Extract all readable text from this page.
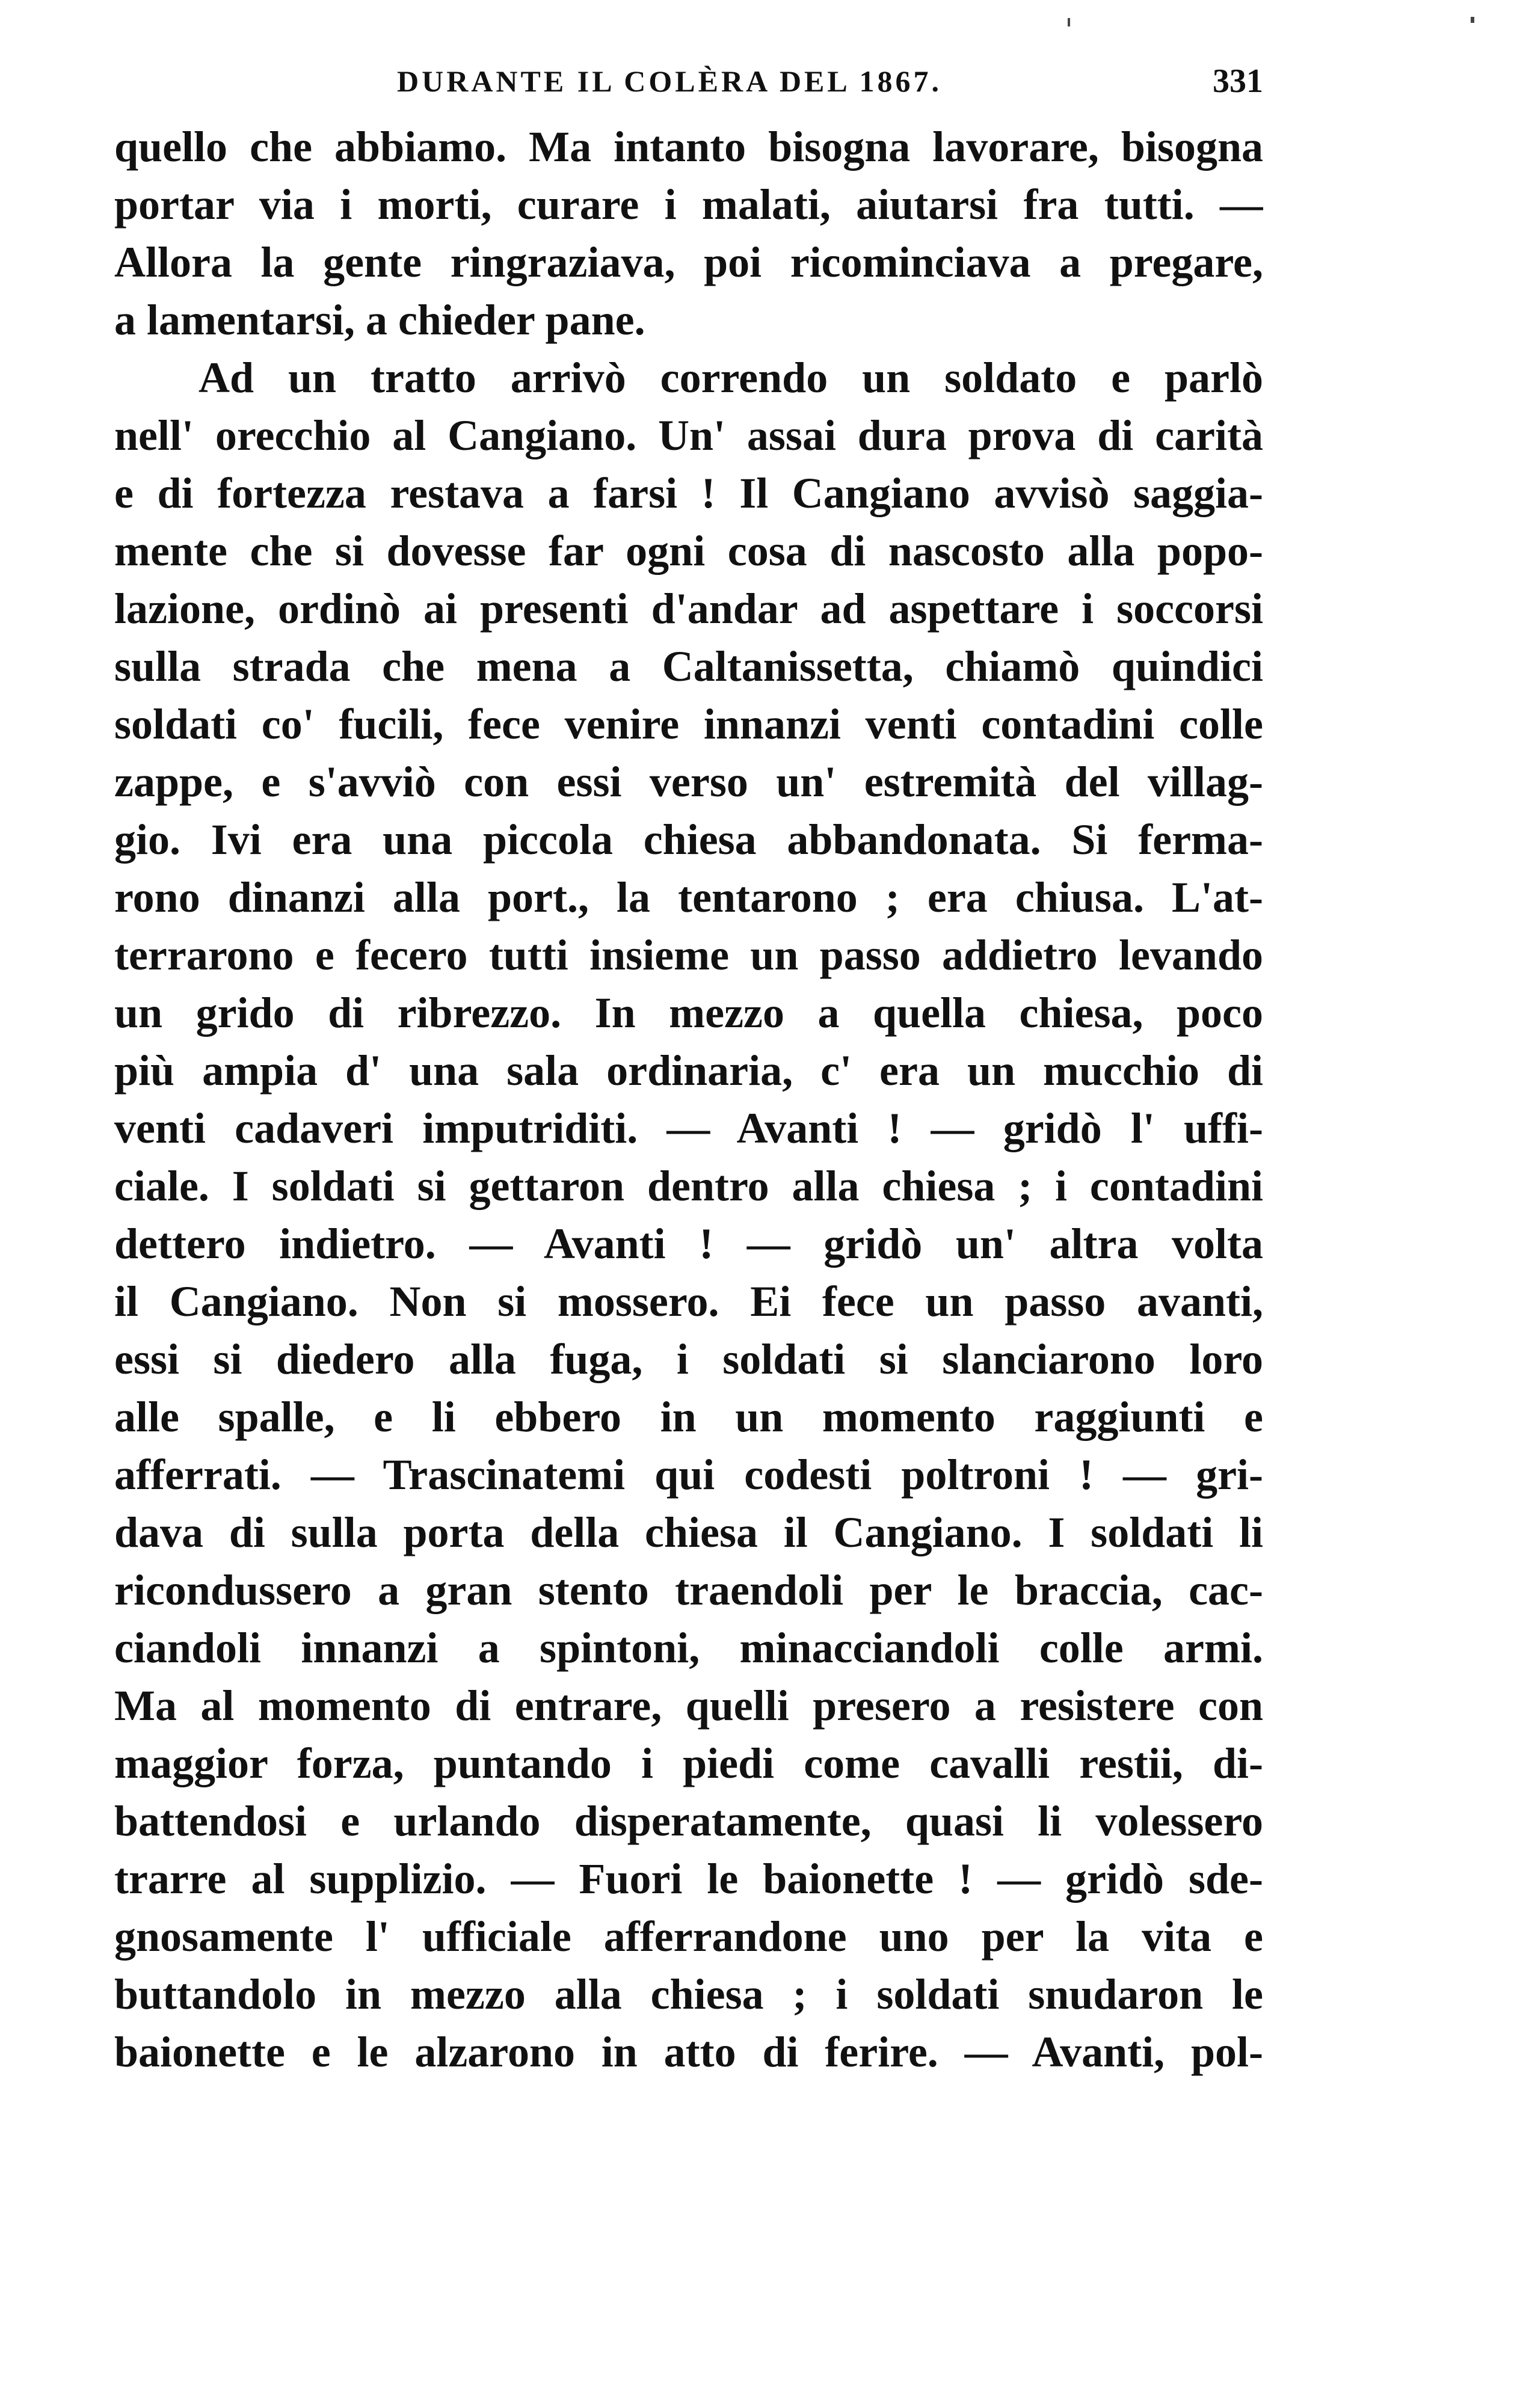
DURANTE IL COLÈRA DEL 1867.	331
quello che abbiamo. Ma intanto bisogna lavorare, bisogna
portar via i morti, curare i malati, aiutarsi fra tutti. —
Allora la gente ringraziava, poi ricominciava a pregare,
a lamentarsi, a chieder pane.
Ad un tratto arrivò correndo un soldato e parlò
nell' orecchio al Cangiano. Un' assai dura prova di carità
e di fortezza restava a farsi ! Il Cangiano avvisò saggia-
mente che si dovesse far ogni cosa di nascosto alla popo-
lazione, ordinò ai presenti d'andar ad aspettare i soccorsi
sulla strada che mena a Caltanissetta, chiamò quindici
soldati co' fucili, fece venire innanzi venti contadini colle
zappe, e s'avviò con essi verso un' estremità del villag-
gio. Ivi era una piccola chiesa abbandonata. Si ferma-
rono dinanzi alla port., la tentarono ; era chiusa. L'at-
terrarono e fecero tutti insieme un passo addietro levando
un grido di ribrezzo. In mezzo a quella chiesa, poco
più ampia d' una sala ordinaria, c' era un mucchio di
venti cadaveri imputriditi. — Avanti ! — gridò l' uffi-
ciale. I soldati si gettaron dentro alla chiesa ; i contadini
dettero indietro. — Avanti ! — gridò un' altra volta
il Cangiano. Non si mossero. Ei fece un passo avanti,
essi si diedero alla fuga, i soldati si slanciarono loro
alle spalle, e li ebbero in un momento raggiunti e
afferrati. — Trascinatemi qui codesti poltroni ! — gri-
dava di sulla porta della chiesa il Cangiano. I soldati li
ricondussero a gran stento traendoli per le braccia, cac-
ciandoli innanzi a spintoni, minacciandoli colle armi.
Ma al momento di entrare, quelli presero a resistere con
maggior forza, puntando i piedi come cavalli restii, di-
battendosi e urlando disperatamente, quasi li volessero
trarre al supplizio. — Fuori le baionette ! — gridò sde-
gnosamente l' ufficiale afferrandone uno per la vita e
buttandolo in mezzo alla chiesa ; i soldati snudaron le
baionette e le alzarono in atto di ferire. — Avanti, pol-
